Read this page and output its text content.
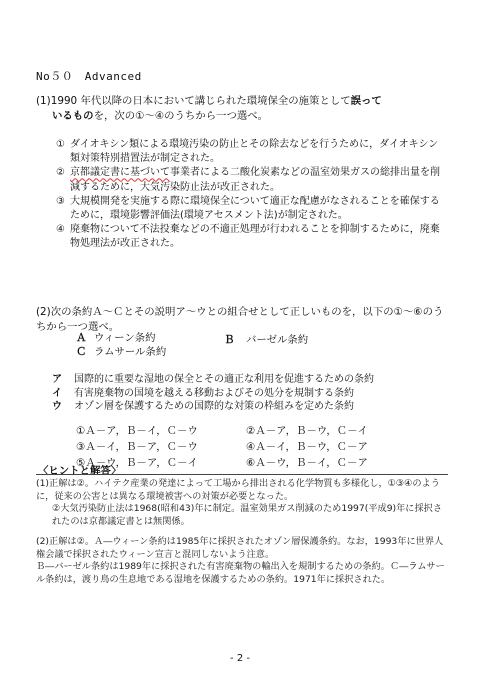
No５０　Advanced
(1)1990 年代以降の日本において講じられた環境保全の施策として誤って
いるものを，次の①～④のうちから一つ選べ。
① ダイオキシン類による環境汚染の防止とその除去などを行うために，ダイオキシン類対策特別措置法が制定された。
② 京都議定書に基づいて事業者による二酸化炭素などの温室効果ガスの総排出量を削減するために，大気汚染防止法が改正された。
③ 大規模開発を実施する際に環境保全について適正な配慮がなされることを確保するために，環境影響評価法(環境アセスメント法)が制定された。
④ 廃棄物について不法投棄などの不適正処理が行われることを抑制するために，廃棄物処理法が改正された。
(2)次の条約Ａ～Ｃとその説明ア～ウとの組合せとして正しいものを，以下の①～⑥のうちから一つ選べ。
Ａ ウィーン条約
Ｃ ラムサール条約
Ｂ バーゼル条約
ア	国際的に重要な湿地の保全とその適正な利用を促進するための条約
イ	有害廃棄物の国境を越える移動およびその処分を規制する条約
ウ	オゾン層を保護するための国際的な対策の枠組みを定めた条約
①Ａ－ア，Ｂ－イ，Ｃ－ウ	②Ａ－ア，Ｂ－ウ，Ｃ－イ
③Ａ－イ，Ｂ－ア，Ｃ－ウ	④Ａ－イ，Ｂ－ウ，Ｃ－ア
⑤Ａ－ウ，Ｂ－ア，Ｃ－イ	⑥Ａ－ウ，Ｂ－イ，Ｃ－ア
〈ヒントと解答〉
(1)正解は②。ハイテク産業の発達によって工場から排出される化学物質も多様化し，①③④のように，従来の公害とは異なる環境被害への対策が必要となった。
②大気汚染防止法は1968(昭和43)年に制定。温室効果ガス削減のため1997(平成9)年に採択されたのは京都議定書とは無関係。
(2)正解は②。Ａ―ウィーン条約は1985年に採択されたオゾン層保護条約。なお，1993年に世界人権会議で採択されたウィーン宣言と混同しないよう注意。
Ｂ―バーゼル条約は1989年に採択された有害廃棄物の輸出入を規制するための条約。Ｃ―ラムサール条約は，渡り鳥の生息地である湿地を保護するための条約。1971年に採択された。
- 2 -
